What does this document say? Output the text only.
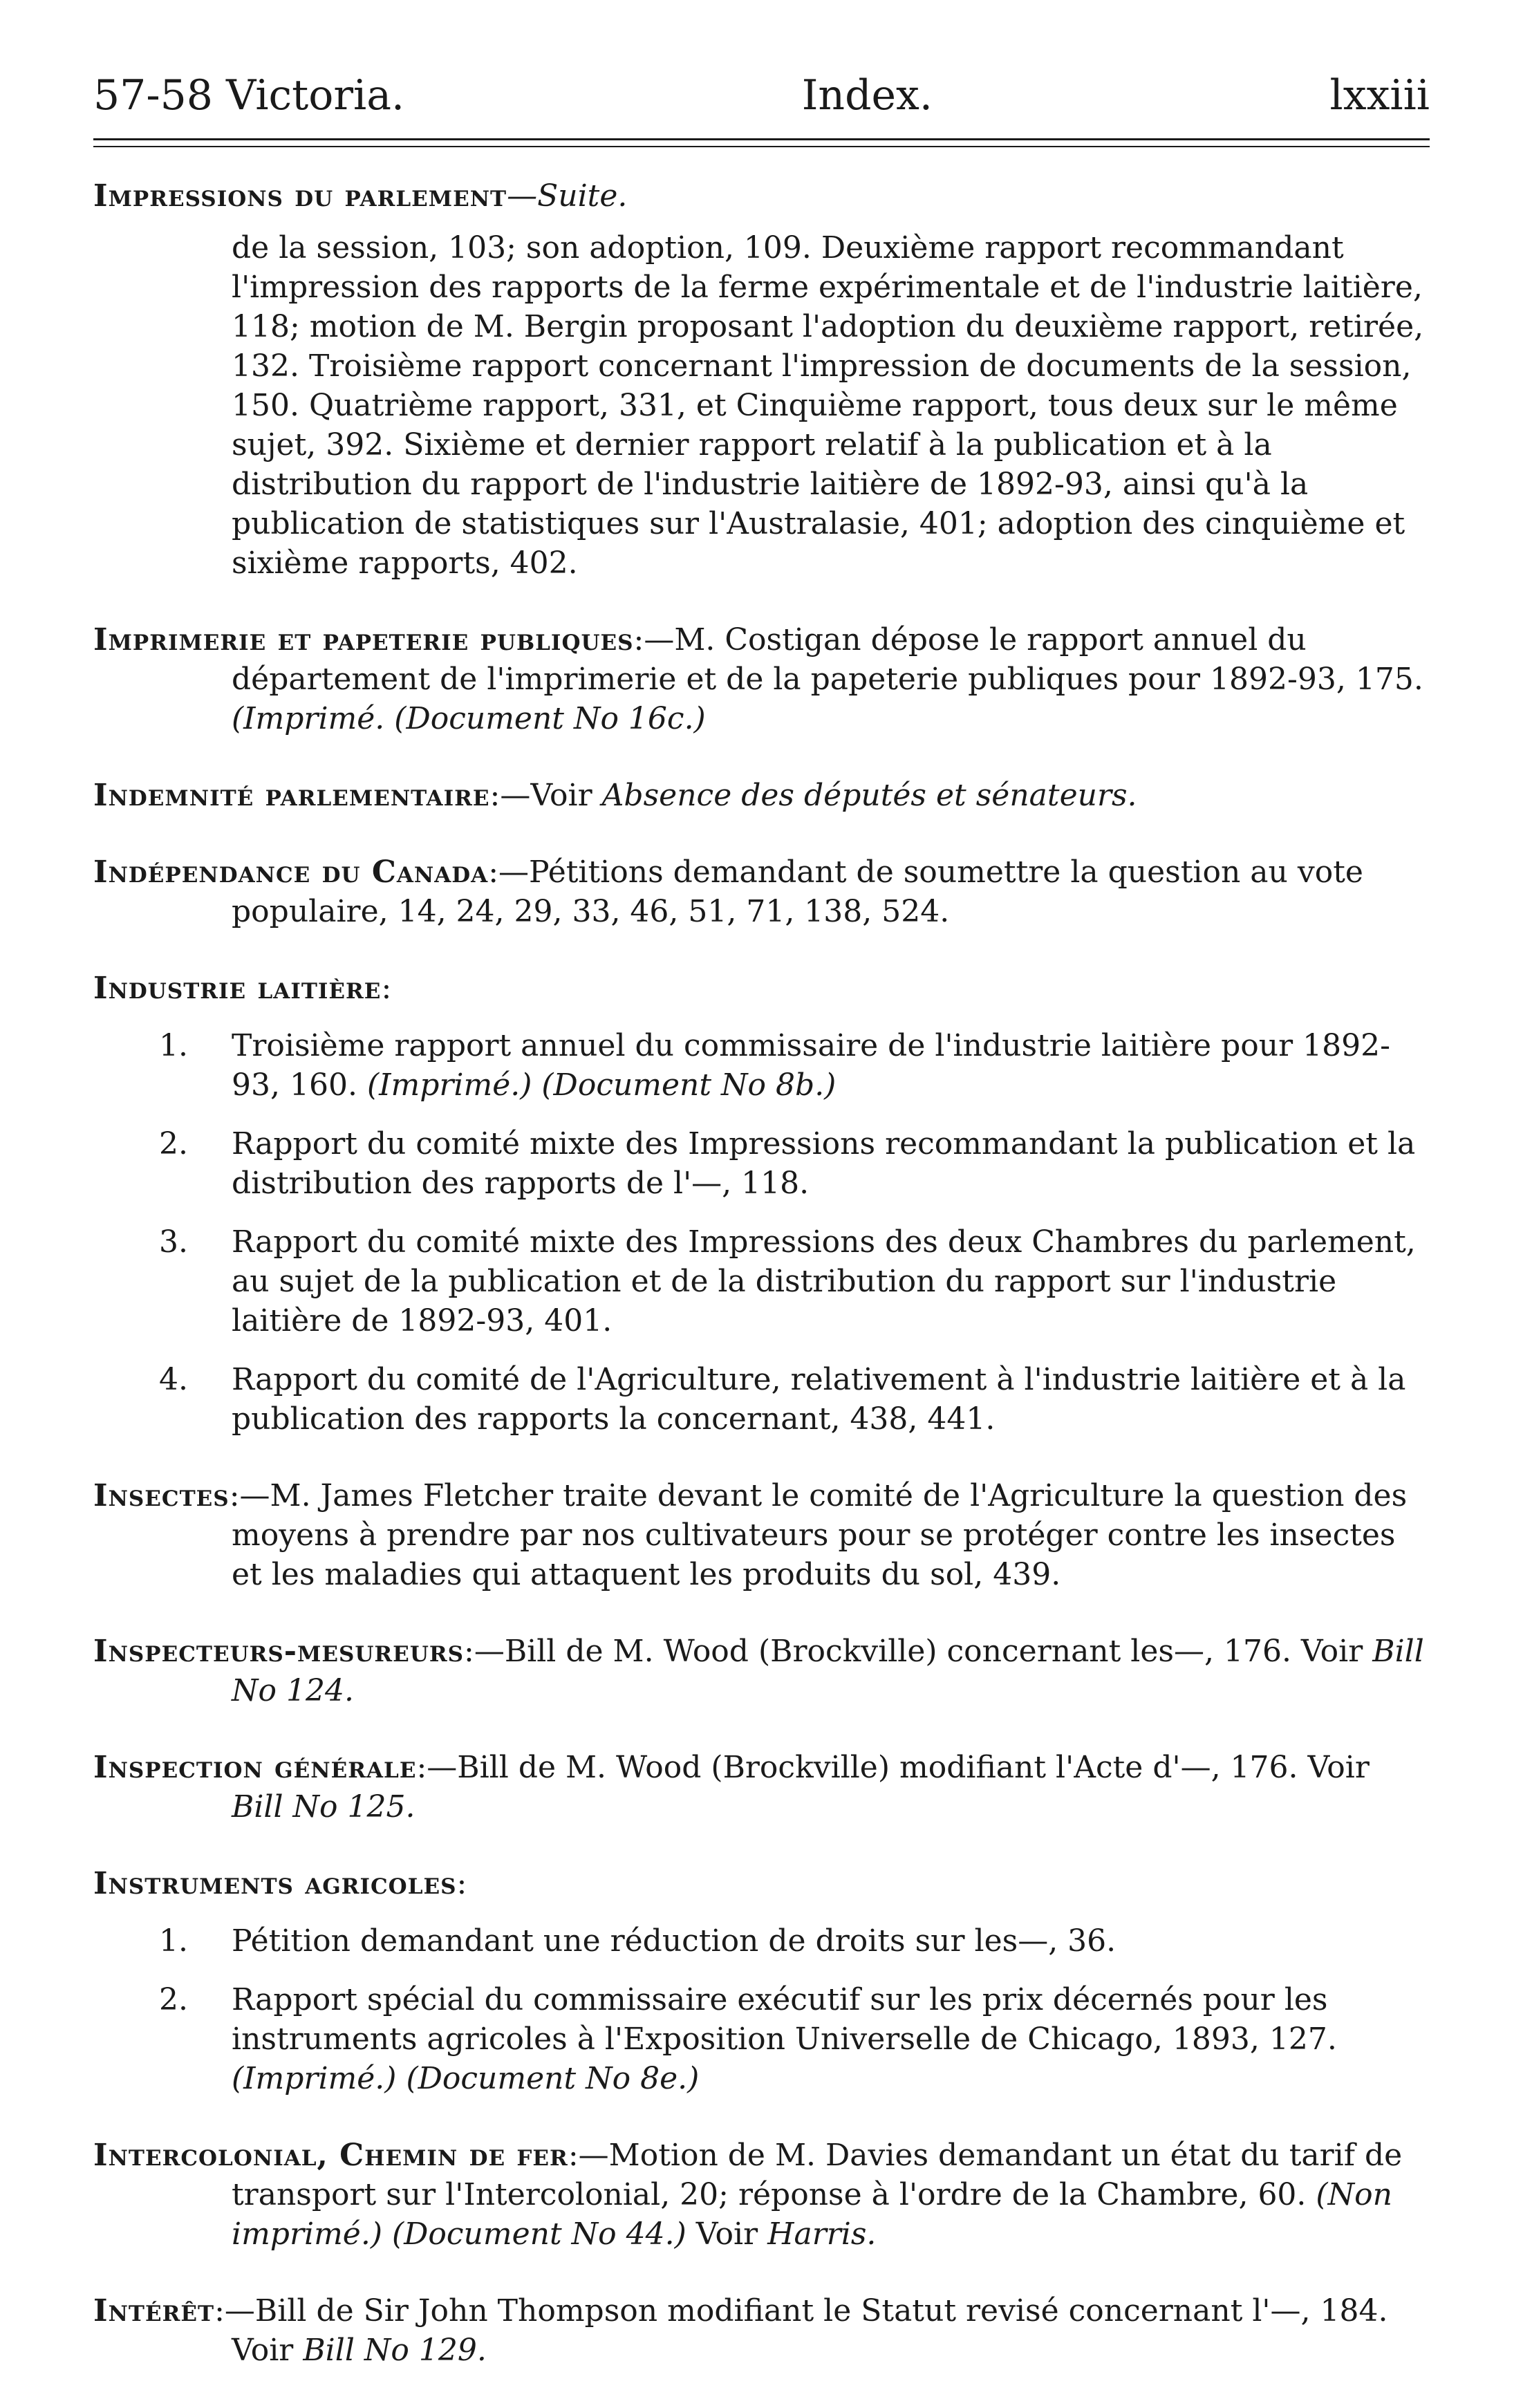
57-58 Victoria.	Index.	lxxiii
Impressions du parlement—Suite.
de la session, 103; son adoption, 109. Deuxième rapport recommandant l'impression des rapports de la ferme expérimentale et de l'industrie laitière, 118; motion de M. Bergin proposant l'adoption du deuxième rapport, retirée, 132. Troisième rapport concernant l'impression de documents de la session, 150. Quatrième rapport, 331, et Cinquième rapport, tous deux sur le même sujet, 392. Sixième et dernier rapport relatif à la publication et à la distribution du rapport de l'industrie laitière de 1892-93, ainsi qu'à la publication de statistiques sur l'Australasie, 401; adoption des cinquième et sixième rapports, 402.
Imprimerie et papeterie publiques:—M. Costigan dépose le rapport annuel du département de l'imprimerie et de la papeterie publiques pour 1892-93, 175. (Imprimé. (Document No 16c.)
Indemnité parlementaire:—Voir Absence des députés et sénateurs.
Indépendance du Canada:—Pétitions demandant de soumettre la question au vote populaire, 14, 24, 29, 33, 46, 51, 71, 138, 524.
Industrie laitière:
1.	Troisième rapport annuel du commissaire de l'industrie laitière pour 1892-93, 160. (Imprimé.) (Document No 8b.)
2.	Rapport du comité mixte des Impressions recommandant la publication et la distribution des rapports de l'—, 118.
3.	Rapport du comité mixte des Impressions des deux Chambres du parlement, au sujet de la publication et de la distribution du rapport sur l'industrie laitière de 1892-93, 401.
4.	Rapport du comité de l'Agriculture, relativement à l'industrie laitière et à la publication des rapports la concernant, 438, 441.
Insectes:—M. James Fletcher traite devant le comité de l'Agriculture la question des moyens à prendre par nos cultivateurs pour se protéger contre les insectes et les maladies qui attaquent les produits du sol, 439.
Inspecteurs-mesureurs:—Bill de M. Wood (Brockville) concernant les—, 176. Voir Bill No 124.
Inspection générale:—Bill de M. Wood (Brockville) modifiant l'Acte d'—, 176. Voir Bill No 125.
Instruments agricoles:
1.	Pétition demandant une réduction de droits sur les—, 36.
2.	Rapport spécial du commissaire exécutif sur les prix décernés pour les instruments agricoles à l'Exposition Universelle de Chicago, 1893, 127. (Imprimé.) (Document No 8e.)
Intercolonial, Chemin de fer:—Motion de M. Davies demandant un état du tarif de transport sur l'Intercolonial, 20; réponse à l'ordre de la Chambre, 60. (Non imprimé.) (Document No 44.) Voir Harris.
Intérêt:—Bill de Sir John Thompson modifiant le Statut revisé concernant l'—, 184. Voir Bill No 129.
